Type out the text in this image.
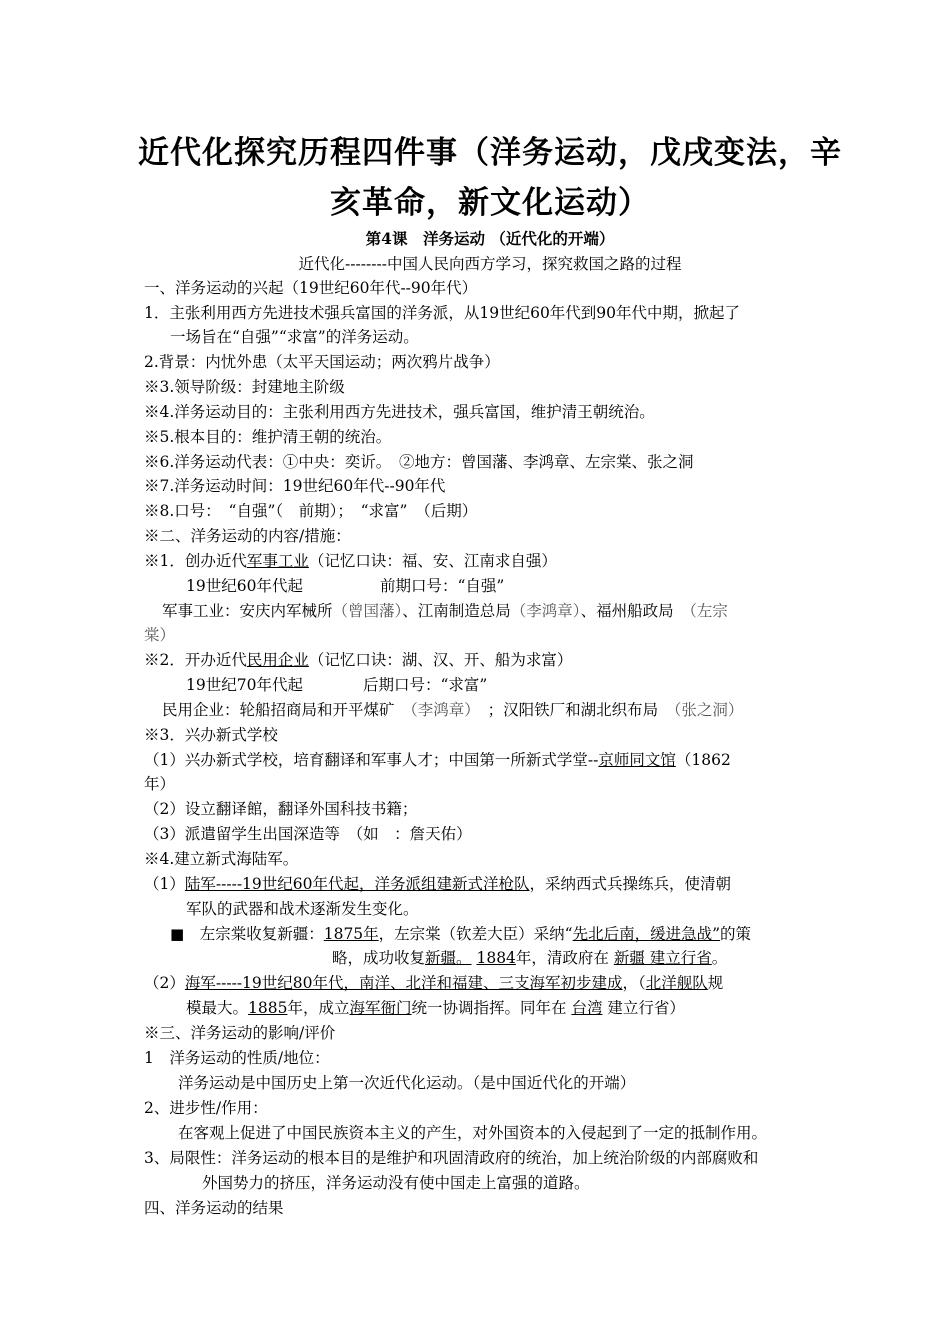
近代化探究历程四件事（洋务运动，戊戌变法，辛
亥革命，新文化运动）
第4课　洋务运动 （近代化的开端）
近代化--------中国人民向西方学习，探究救国之路的过程
一、洋务运动的兴起（19世纪60年代--90年代）
1．主张利用西方先进技术强兵富国的洋务派，从19世纪60年代到90年代中期，掀起了
一场旨在“自强”“求富”的洋务运动。
2.背景：内忧外患（太平天国运动；两次鸦片战争）
※3.领导阶级：封建地主阶级
※4.洋务运动目的：主张利用西方先进技术，强兵富国，维护清王朝统治。
※5.根本目的：维护清王朝的统治。
※6.洋务运动代表：①中央：奕䜣。　②地方：曾国藩、李鸿章、左宗棠、张之洞
※7.洋务运动时间：19世纪60年代--90年代
※8.口号：　“自强”（　前期）；　“求富”　（后期）
※二、洋务运动的内容/措施：
※1．创办近代军事工业（记忆口诀：福、安、江南求自强）
19世纪60年代起	前期口号：“自强”
军事工业：安庆内军械所（曾国藩）、江南制造总局（李鸿章）、福州船政局　 （左宗
棠）
※2．开办近代民用企业（记忆口诀：湖、汉、开、船为求富）
19世纪70年代起	后期口号：“求富”
民用企业：轮船招商局和开平煤矿　 （李鸿章）　 ；汉阳铁厂和湖北织布局　 （张之洞）
※3．兴办新式学校
（1）兴办新式学校，培育翻译和军事人才；中国第一所新式学堂--京师同文馆（1862
年）
（2）设立翻译館，翻译外国科技书籍；
（3）派遣留学生出国深造等　（如　：詹天佑）
※4.建立新式海陆军。
（1）陆军-----19世纪60年代起，洋务派组建新式洋枪队，采纳西式兵操练兵，使清朝
军队的武器和战术逐渐发生变化。
■　 左宗棠收复新疆：1875年，左宗棠（钦差大臣）采纳“先北后南，缓进急战”的策
略，成功收复新疆。 1884年，清政府在 新疆 建立行省。
（2）海军-----19世纪80年代，南洋、北洋和福建、三支海军初步建成，（北洋舰队规
模最大。1885年，成立海军衙门统一协调指挥。同年在 台湾 建立行省）
※三、洋务运动的影响/评价
1　洋务运动的性质/地位：
洋务运动是中国历史上第一次近代化运动。（是中国近代化的开端）
2、进步性/作用：
在客观上促进了中国民族资本主义的产生，对外国资本的入侵起到了一定的抵制作用。
3、局限性：洋务运动的根本目的是维护和巩固清政府的统治，加上统治阶级的内部腐败和
外国势力的挤压，洋务运动没有使中国走上富强的道路。
四、洋务运动的结果
